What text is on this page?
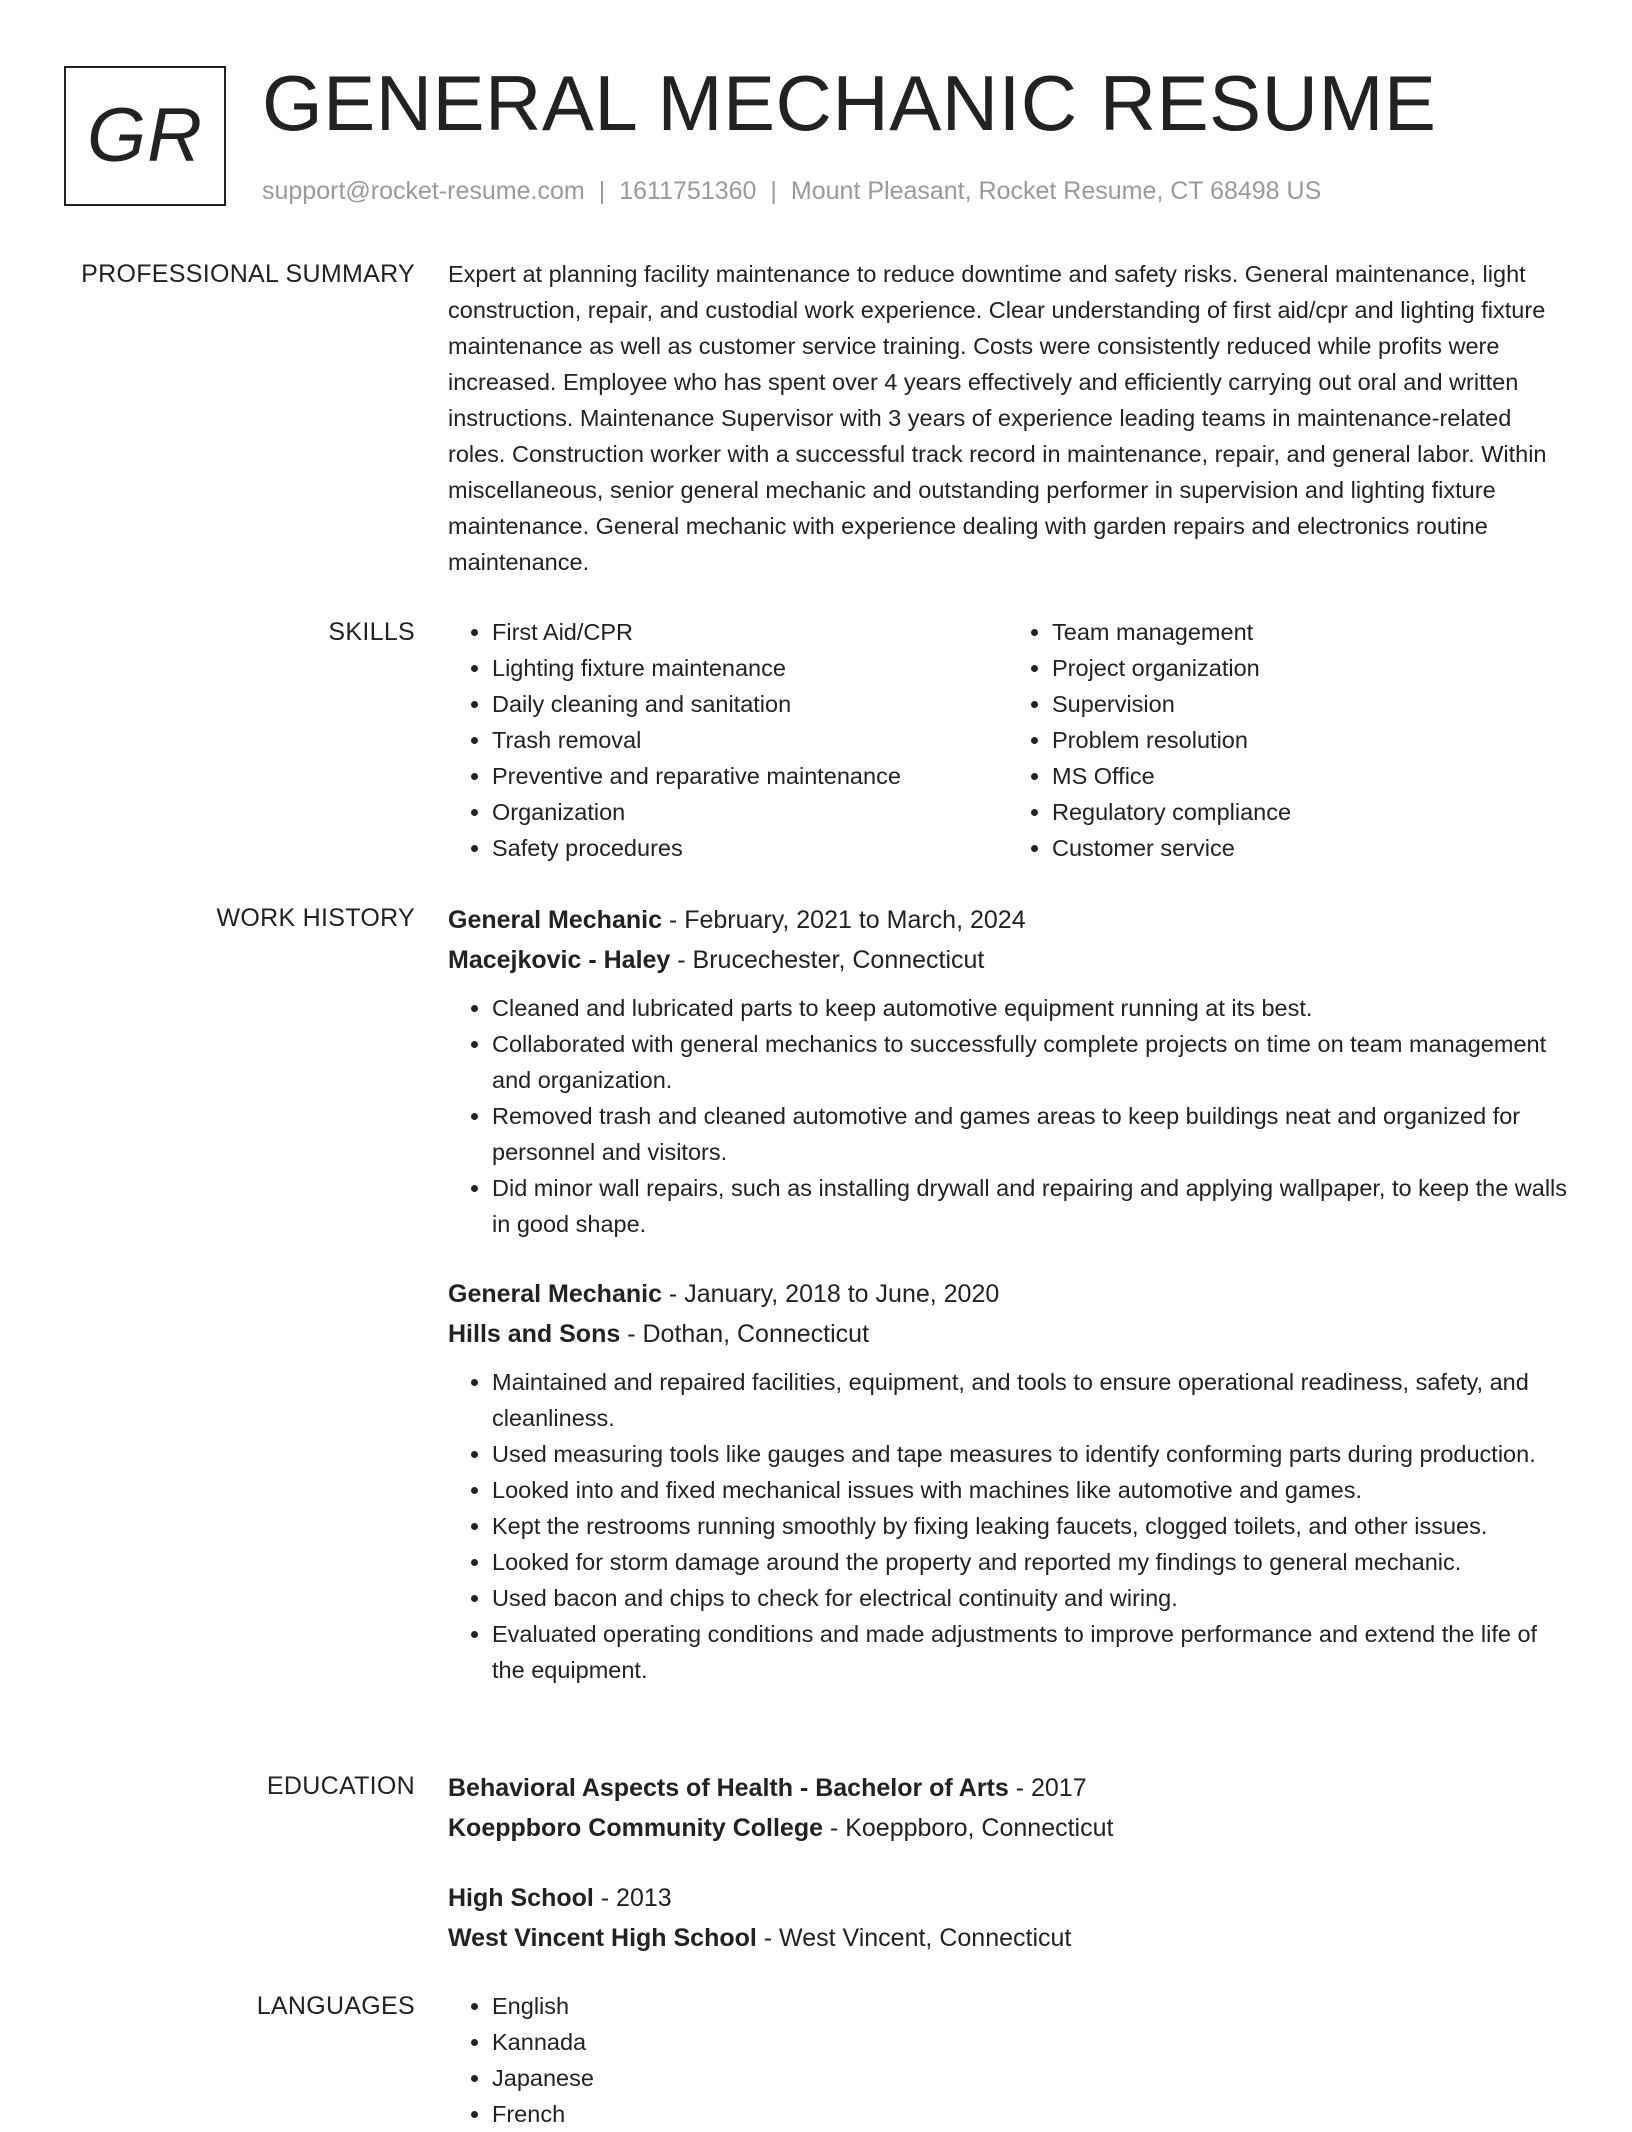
GR GENERAL MECHANIC RESUME
support@rocket-resume.com | 1611751360 | Mount Pleasant, Rocket Resume, CT 68498 US
PROFESSIONAL SUMMARY Expert at planning facility maintenance to reduce downtime and safety risks. General maintenance, light construction, repair, and custodial work experience. Clear understanding of first aid/cpr and lighting fixture maintenance as well as customer service training. Costs were consistently reduced while profits were increased. Employee who has spent over 4 years effectively and efficiently carrying out oral and written instructions. Maintenance Supervisor with 3 years of experience leading teams in maintenance-related roles. Construction worker with a successful track record in maintenance, repair, and general labor. Within miscellaneous, senior general mechanic and outstanding performer in supervision and lighting fixture maintenance. General mechanic with experience dealing with garden repairs and electronics routine maintenance.

SKILLS	• First Aid/CPR
• Lighting fixture maintenance
• Daily cleaning and sanitation
• Trash removal
• Preventive and reparative maintenance
• Organization
• Safety procedures
• Team management
• Project organization
• Supervision
• Problem resolution
• MS Office
• Regulatory compliance
• Customer service
WORK HISTORY General Mechanic - February, 2021 to March, 2024
Macejkovic - Haley - Brucechester, Connecticut
• Cleaned and lubricated parts to keep automotive equipment running at its best.
• Collaborated with general mechanics to successfully complete projects on time on team management and organization.
• Removed trash and cleaned automotive and games areas to keep buildings neat and organized for personnel and visitors.
• Did minor wall repairs, such as installing drywall and repairing and applying wallpaper, to keep the walls in good shape.
General Mechanic - January, 2018 to June, 2020
Hills and Sons - Dothan, Connecticut
• Maintained and repaired facilities, equipment, and tools to ensure operational readiness, safety, and cleanliness.
• Used measuring tools like gauges and tape measures to identify conforming parts during production.
• Looked into and fixed mechanical issues with machines like automotive and games.
• Kept the restrooms running smoothly by fixing leaking faucets, clogged toilets, and other issues.
• Looked for storm damage around the property and reported my findings to general mechanic.
• Used bacon and chips to check for electrical continuity and wiring.
• Evaluated operating conditions and made adjustments to improve performance and extend the life of the equipment.
EDUCATION Behavioral Aspects of Health - Bachelor of Arts - 2017
Koeppboro Community College - Koeppboro, Connecticut
High School - 2013
West Vincent High School - West Vincent, Connecticut
LANGUAGES	• English
• Kannada
• Japanese
• French
